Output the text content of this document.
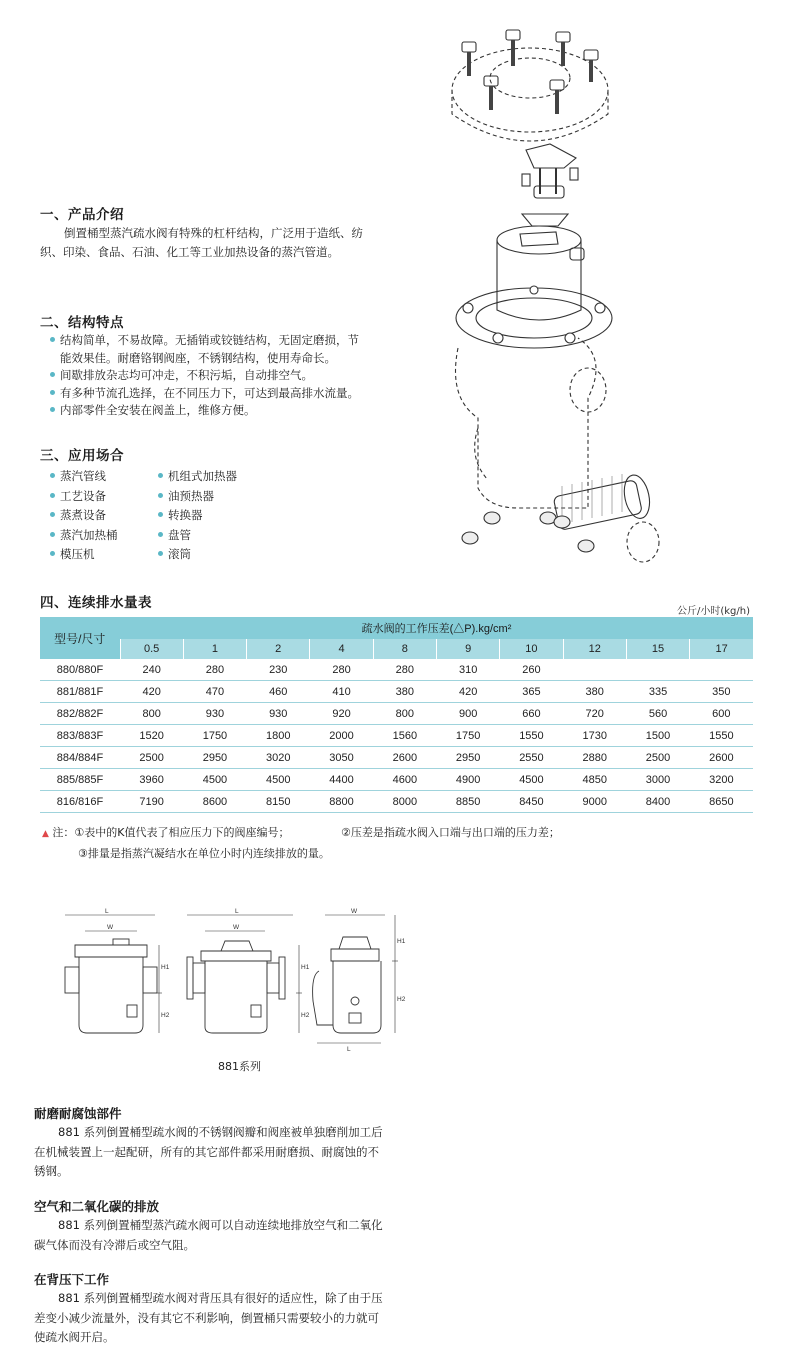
一、产品介绍
倒置桶型蒸汽疏水阀有特殊的杠杆结构，广泛用于造纸、纺
织、印染、食品、石油、化工等工业加热设备的蒸汽管道。
二、结构特点
结构简单，不易故障。无插销或铰链结构，无固定磨损，节
能效果佳。耐磨铬钢阀座，不锈钢结构，使用寿命长。
间歇排放杂志均可冲走，不积污垢，自动排空气。
有多种节流孔选择，在不同压力下，可达到最高排水流量。
内部零件全安装在阀盖上，维修方便。
三、应用场合
蒸汽管线
工艺设备
蒸煮设备
蒸汽加热桶
模压机
机组式加热器
油预热器
转换器
盘管
滚筒
四、连续排水量表
公斤/小时(kg/h)
型号/尺寸	疏水阀的工作压差(△P).kg/cm²									
	0.5	1	2	4	8	9	10	12	15	17
880/880F	240	280	230	280	280	310	260			
881/881F	420	470	460	410	380	420	365	380	335	350
882/882F	800	930	930	920	800	900	660	720	560	600
883/883F	1520	1750	1800	2000	1560	1750	1550	1730	1500	1550
884/884F	2500	2950	3020	3050	2600	2950	2550	2880	2500	2600
885/885F	3960	4500	4500	4400	4600	4900	4500	4850	3000	3200
816/816F	7190	8600	8150	8800	8000	8850	8450	9000	8400	8650
▲ 注：①表中的K值代表了相应压力下的阀座编号；	②压差是指疏水阀入口端与出口端的压力差；
③排量是指蒸汽凝结水在单位小时内连续排放的量。
L
W
H1
H2
L
W
H1
H2
W
H1
H2
L
881系列
耐磨耐腐蚀部件
881 系列倒置桶型疏水阀的不锈钢阀瓣和阀座被单独磨削加工后
在机械装置上一起配研，所有的其它部件都采用耐磨损、耐腐蚀的不
锈钢。
空气和二氧化碳的排放
881 系列倒置桶型蒸汽疏水阀可以自动连续地排放空气和二氧化
碳气体而没有冷滞后或空气阻。
在背压下工作
881 系列倒置桶型疏水阀对背压具有很好的适应性，除了由于压
差变小减少流量外，没有其它不利影响，倒置桶只需要较小的力就可
使疏水阀开启。
